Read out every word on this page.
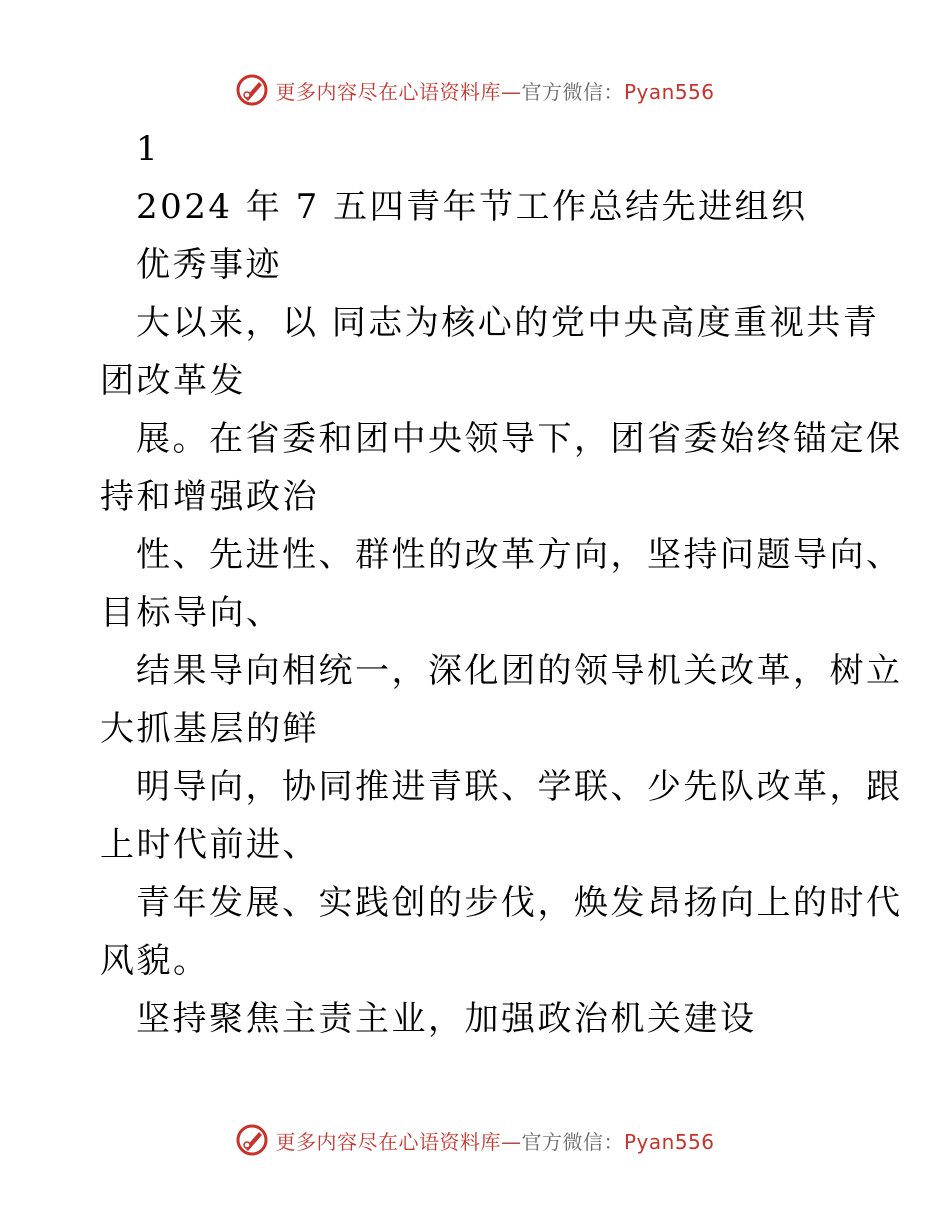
更多内容尽在心语资料库—官方微信：Pyan556
1
2024 年 7 五四青年节工作总结先进组织
优秀事迹
大以来，以 同志为核心的党中央高度重视共青
团改革发
展。在省委和团中央领导下，团省委始终锚定保
持和增强政治
性、先进性、群性的改革方向，坚持问题导向、
目标导向、
结果导向相统一，深化团的领导机关改革，树立
大抓基层的鲜
明导向，协同推进青联、学联、少先队改革，跟
上时代前进、
青年发展、实践创的步伐，焕发昂扬向上的时代
风貌。
坚持聚焦主责主业，加强政治机关建设
更多内容尽在心语资料库—官方微信：Pyan556
